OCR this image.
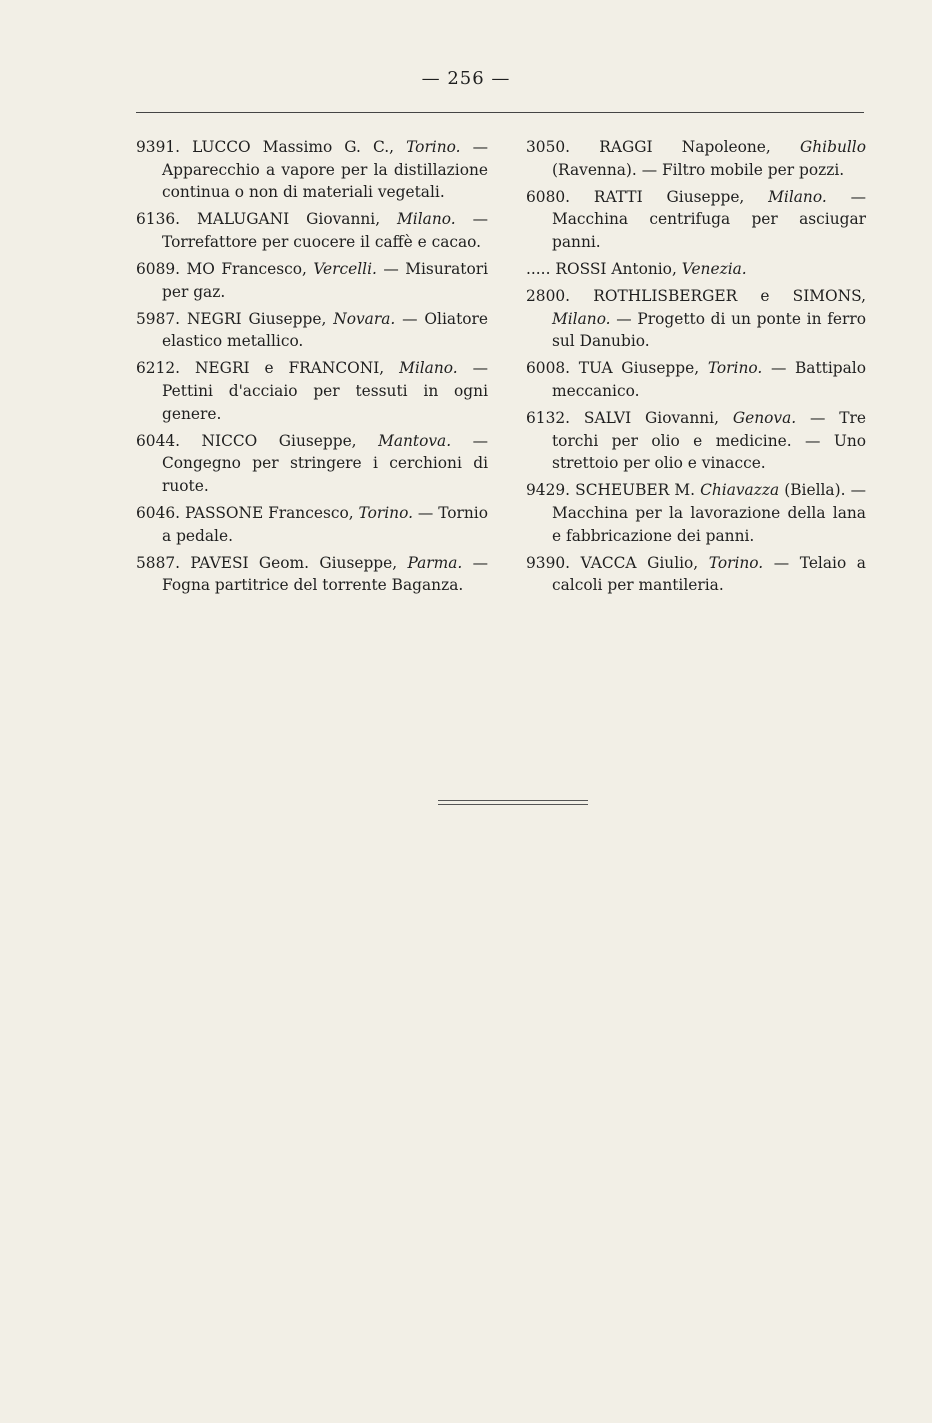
— 256 —

9391. LUCCO Massimo G. C., Torino. — Apparecchio a vapore per la distillazione continua o non di materiali vegetali.

6136. MALUGANI Giovanni, Milano. — Torrefattore per cuocere il caffè e cacao.

6089. MO Francesco, Vercelli. — Misuratori per gaz.

5987. NEGRI Giuseppe, Novara. — Oliatore elastico metallico.

6212. NEGRI e FRANCONI, Milano. — Pettini d'acciaio per tessuti in ogni genere.

6044. NICCO Giuseppe, Mantova. — Congegno per stringere i cerchioni di ruote.

6046. PASSONE Francesco, Torino. — Tornio a pedale.

5887. PAVESI Geom. Giuseppe, Parma. — Fogna partitrice del torrente Baganza.

3050. RAGGI Napoleone, Ghibullo (Ravenna). — Filtro mobile per pozzi.

6080. RATTI Giuseppe, Milano. — Macchina centrifuga per asciugar panni.

..... ROSSI Antonio, Venezia.

2800. ROTHLISBERGER e SIMONS, Milano. — Progetto di un ponte in ferro sul Danubio.

6008. TUA Giuseppe, Torino. — Battipalo meccanico.

6132. SALVI Giovanni, Genova. — Tre torchi per olio e medicine. — Uno strettoio per olio e vinacce.

9429. SCHEUBER M. Chiavazza (Biella). — Macchina per la lavorazione della lana e fabbricazione dei panni.

9390. VACCA Giulio, Torino. — Telaio a calcoli per mantileria.
